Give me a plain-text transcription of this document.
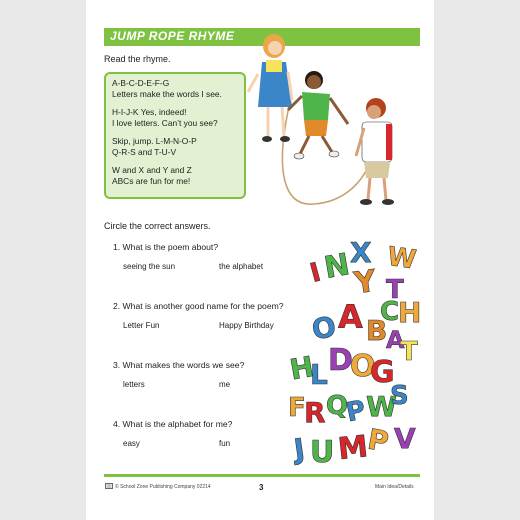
JUMP ROPE RHYME
Read the rhyme.
A-B-C-D-E-F-G
Letters make the words I see.
H-I-J-K Yes, indeed!
I love letters. Can’t you see?
Skip, jump. L-M-N-O-P
Q-R-S and T-U-V
W and X and Y and Z
ABCs are fun for me!
Circle the correct answers.
1. What is the poem about?
seeing the sun	the alphabet
2. What is another good name for the poem?
Letter Fun	Happy Birthday
3. What makes the words we see?
letters	me
4. What is the alphabet for me?
easy	fun
I
N
X
Y
W
T
O A B
C
H
A
T
H
L D
O
G
F
R Q
P
W
S
J U M
P V
© School Zone Publishing Company 02214	3	Main Idea/Details
